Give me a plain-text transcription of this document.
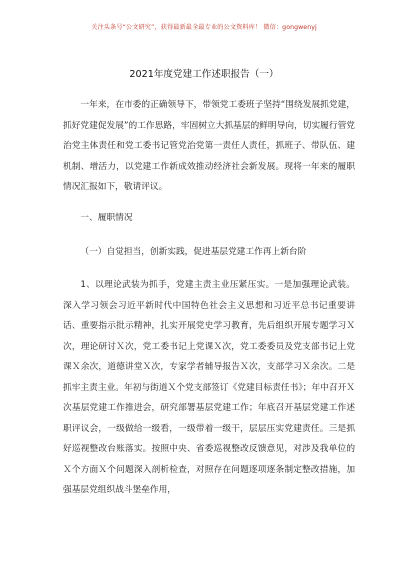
关注头条号“公文研究”，获得最新最全最专业的公文资料库！ 微信：gongwenyj
2021年度党建工作述职报告（一）

一年来，在市委的正确领导下，带领党工委班子坚持“围绕发展抓党建，抓好党建促发展”的工作思路，牢固树立大抓基层的鲜明导向，切实履行管党治党主体责任和党工委书记管党治党第一责任人责任，抓班子、带队伍、建机制、增活力，以党建工作新成效推动经济社会新发展。现将一年来的履职情况汇报如下，敬请评议。

一、履职情况

（一）自觉担当，创新实践，促进基层党建工作再上新台阶

1、以理论武装为抓手，党建主责主业压紧压实。一是加强理论武装。深入学习领会习近平新时代中国特色社会主义思想和习近平总书记重要讲话、重要指示批示精神，扎实开展党史学习教育，先后组织开展专题学习Ｘ次，理论研讨Ｘ次，党工委书记上党课Ｘ次，党工委委员及党支部书记上党课Ｘ余次，道德讲堂Ｘ次，专家学者辅导报告Ｘ次，支部学习Ｘ余次。二是抓牢主责主业。年初与街道Ｘ个党支部签订《党建目标责任书》；年中召开Ｘ次基层党建工作推进会，研究部署基层党建工作；年底召开基层党建工作述职评议会，一级做给一级看，一级带着一级干，层层压实党建责任。三是抓好巡视整改台账落实。按照中央、省委巡视整改反馈意见，对涉及我单位的Ｘ个方面Ｘ个问题深入剖析检查，对照存在问题逐项逐条制定整改措施，加强基层党组织战斗堡垒作用，
